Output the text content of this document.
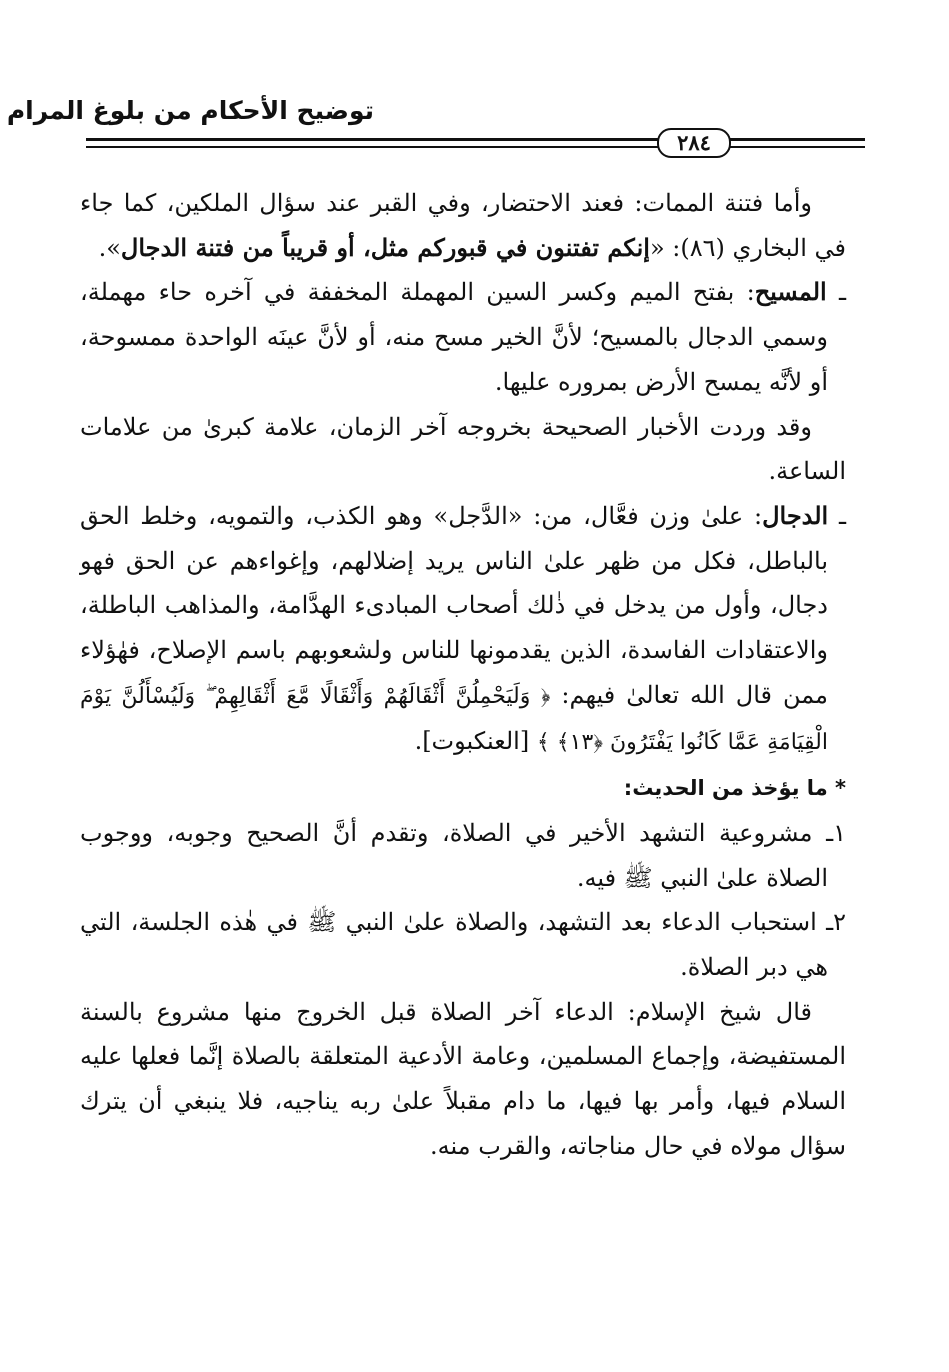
توضيح الأحكام من بلوغ المرام
٢٨٤

وأما فتنة الممات: فعند الاحتضار، وفي القبر عند سؤال الملكين، كما جاء في البخاري (٨٦): «إنكم تفتنون في قبوركم مثل، أو قريباً من فتنة الدجال».

ـ المسيح: بفتح الميم وكسر السين المهملة المخففة في آخره حاء مهملة، وسمي الدجال بالمسيح؛ لأنَّ الخير مسح منه، أو لأنَّ عينَه الواحدة ممسوحة، أو لأنَّه يمسح الأرض بمروره عليها.

وقد وردت الأخبار الصحيحة بخروجه آخر الزمان، علامة كبرىٰ من علامات الساعة.

ـ الدجال: علىٰ وزن فعَّال، من: «الدَّجل» وهو الكذب، والتمويه، وخلط الحق بالباطل، فكل من ظهر علىٰ الناس يريد إضلالهم، وإغواءهم عن الحق فهو دجال، وأول من يدخل في ذٰلك أصحاب المبادىء الهدَّامة، والمذاهب الباطلة، والاعتقادات الفاسدة، الذين يقدمونها للناس ولشعوبهم باسم الإصلاح، فهٰؤلاء ممن قال الله تعالىٰ فيهم: ﴿ وَلَيَحْمِلُنَّ أَثْقَالَهُمْ وَأَثْقَالًا مَّعَ أَثْقَالِهِمْ ۖ وَلَيُسْأَلُنَّ يَوْمَ الْقِيَامَةِ عَمَّا كَانُوا يَفْتَرُونَ ﴿١٣﴾ ﴾ [العنكبوت].

* ما يؤخذ من الحديث:

١ـ مشروعية التشهد الأخير في الصلاة، وتقدم أنَّ الصحيح وجوبه، ووجوب الصلاة علىٰ النبي ﷺ فيه.

٢ـ استحباب الدعاء بعد التشهد، والصلاة علىٰ النبي ﷺ في هٰذه الجلسة، التي هي دبر الصلاة.

قال شيخ الإسلام: الدعاء آخر الصلاة قبل الخروج منها مشروع بالسنة المستفيضة، وإجماع المسلمين، وعامة الأدعية المتعلقة بالصلاة إنَّما فعلها عليه السلام فيها، وأمر بها فيها، ما دام مقبلاً علىٰ ربه يناجيه، فلا ينبغي أن يترك سؤال مولاه في حال مناجاته، والقرب منه.
